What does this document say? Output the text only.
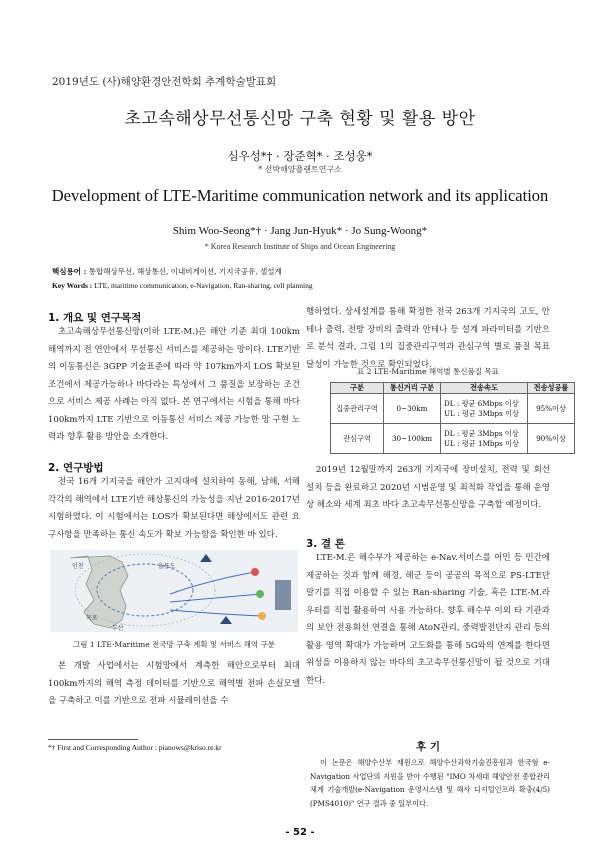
2019년도 (사)해양환경안전학회 추계학술발표회
초고속해상무선통신망 구축 현황 및 활용 방안
심우성*† · 장준혁* · 조성웅*
* 선박해양플랜트연구소
Development of LTE-Maritime communication network and its application
Shim Woo-Seong*† · Jang Jun-Hyuk* · Jo Sung-Woong*
* Korea Research Institute of Ships and Ocean Engineering
핵심용어 : 통합해상무선, 해상통신, 이내비게이션, 기지국공유, 셀설계
Key Words : LTE, maritime communication, e-Navigation, Ran-sharing, cell planning
1. 개요 및 연구목적
초고속해상무선통신망(이하 LTE-M.)은 해안 기준 최대 100km 해역까지 전 연안에서 무선통신 서비스를 제공하는 망이다. LTE기반의 이동통신은 3GPP 기술표준에 따라 약 107km까지 LOS 확보된 조건에서 제공가능하나 바다라는 특성에서 그 품질을 보장하는 조건으로 서비스 제공 사례는 아직 없다. 본 연구에서는 시험을 통해 바다 100km까지 LTE 기반으로 이동통신 서비스 제공 가능한 망 구현 노력과 향후 활용 방안을 소개한다.
2. 연구방법
전국 16개 기지국을 해안가 고지대에 설치하여 동해, 남해, 서해 각각의 해역에서 LTE기반 해상통신의 가능성을 지난 2016-2017년 시험하였다. 이 시험에서는 LOS가 확보된다면 해상에서도 관련 요구사항을 만족하는 통신 속도가 확보 가능함을 확인한 바 있다.
인천
목포
부산
울릉도
그림 1 LTE-Maritime 전국망 구축 계획 및 서비스 해역 구분
본 개발 사업에서는 시험망에서 계측한 해안으로부터 최대 100km까지의 해역 측정 데이터를 기반으로 해역별 전파 손실모델을 구축하고 이를 기반으로 전파 시뮬레이션을 수
*† First and Corresponding Author : pianows@kriso.re.kr
행하였다. 상세설계를 통해 확정한 전국 263개 기지국의 고도, 안테나 출력, 전방 장비의 출력과 안테나 등 설계 파라미터를 기반으로 분석 결과, 그림 1의 집중관리구역과 관심구역 별로 품질 목표 달성이 가능한 것으로 확인되었다.
표 2 LTE-Maritime 해역별 통신품질 목표
구분	통신거리 구분	전송속도	전송성공률
집중관리구역	0~30km	DL : 평균 6Mbps 이상
UL : 평균 3Mbps 이상	95%이상
관심구역	30~100km	DL : 평균 3Mbps 이상
UL : 평균 1Mbps 이상	90%이상
2019년 12월말까지 263개 기지국에 장비설치, 전력 및 회선 설치 등을 완료하고 2020년 시범운영 및 최적화 작업을 통해 운영상 해소와 세계 최초 바다 초고속무선통신망을 구축할 예정이다.
3. 결 론
LTE-M.은 해수부가 제공하는 e-Nav.서비스를 어민 등 민간에 제공하는 것과 함께 해경, 해군 등이 공공의 목적으로 PS-LTE단말기를 직접 이용할 수 있는 Ran-sharing 기술, 혹은 LTE-M.라우터를 직접 활용하여 사용 가능하다. 향후 해수부 이외 타 기관과의 보안 전용회선 연결을 통해 AtoN관리, 중력발전단지 관리 등의 활용 영역 확대가 가능하며 고도화를 통해 5G와의 연계를 한다면 위성을 이용하지 않는 바다의 초고속무선통신망이 될 것으로 기대한다.
후 기
이 논문은 해양수산부 재원으로 해양수산과학기술진흥원과 한국형 e-Navigation 사업단의 지원을 받아 수행된 "IMO 차세대 해양안전 종합관리체계 기술개발(e-Navigation 운영시스템 및 해사 디지털인프라 확충(4/5)(PMS4010)" 연구 결과 중 일부이다.
- 52 -
